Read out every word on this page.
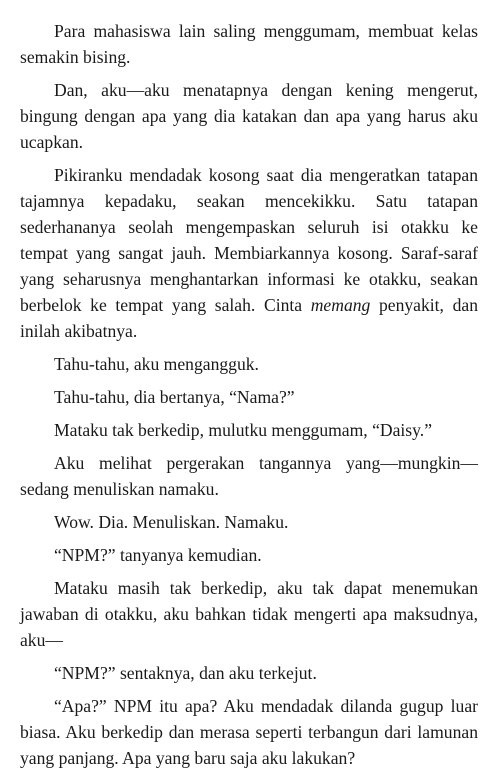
Para mahasiswa lain saling menggumam, membuat kelas semakin bising.

Dan, aku—aku menatapnya dengan kening mengerut, bingung dengan apa yang dia katakan dan apa yang harus aku ucapkan.

Pikiranku mendadak kosong saat dia mengeratkan tatapan tajamnya kepadaku, seakan mencekikku. Satu tatapan sederhananya seolah mengempaskan seluruh isi otakku ke tempat yang sangat jauh. Membiarkannya kosong. Saraf-saraf yang seharusnya menghantarkan informasi ke otakku, seakan berbelok ke tempat yang salah. Cinta memang penyakit, dan inilah akibatnya.

Tahu-tahu, aku mengangguk.

Tahu-tahu, dia bertanya, “Nama?”

Mataku tak berkedip, mulutku menggumam, “Daisy.”

Aku melihat pergerakan tangannya yang—mungkin—sedang menuliskan namaku.

Wow. Dia. Menuliskan. Namaku.

“NPM?” tanyanya kemudian.

Mataku masih tak berkedip, aku tak dapat menemukan jawaban di otakku, aku bahkan tidak mengerti apa maksudnya, aku—

“NPM?” sentaknya, dan aku terkejut.

“Apa?” NPM itu apa? Aku mendadak dilanda gugup luar biasa. Aku berkedip dan merasa seperti terbangun dari lamunan yang panjang. Apa yang baru saja aku lakukan?
